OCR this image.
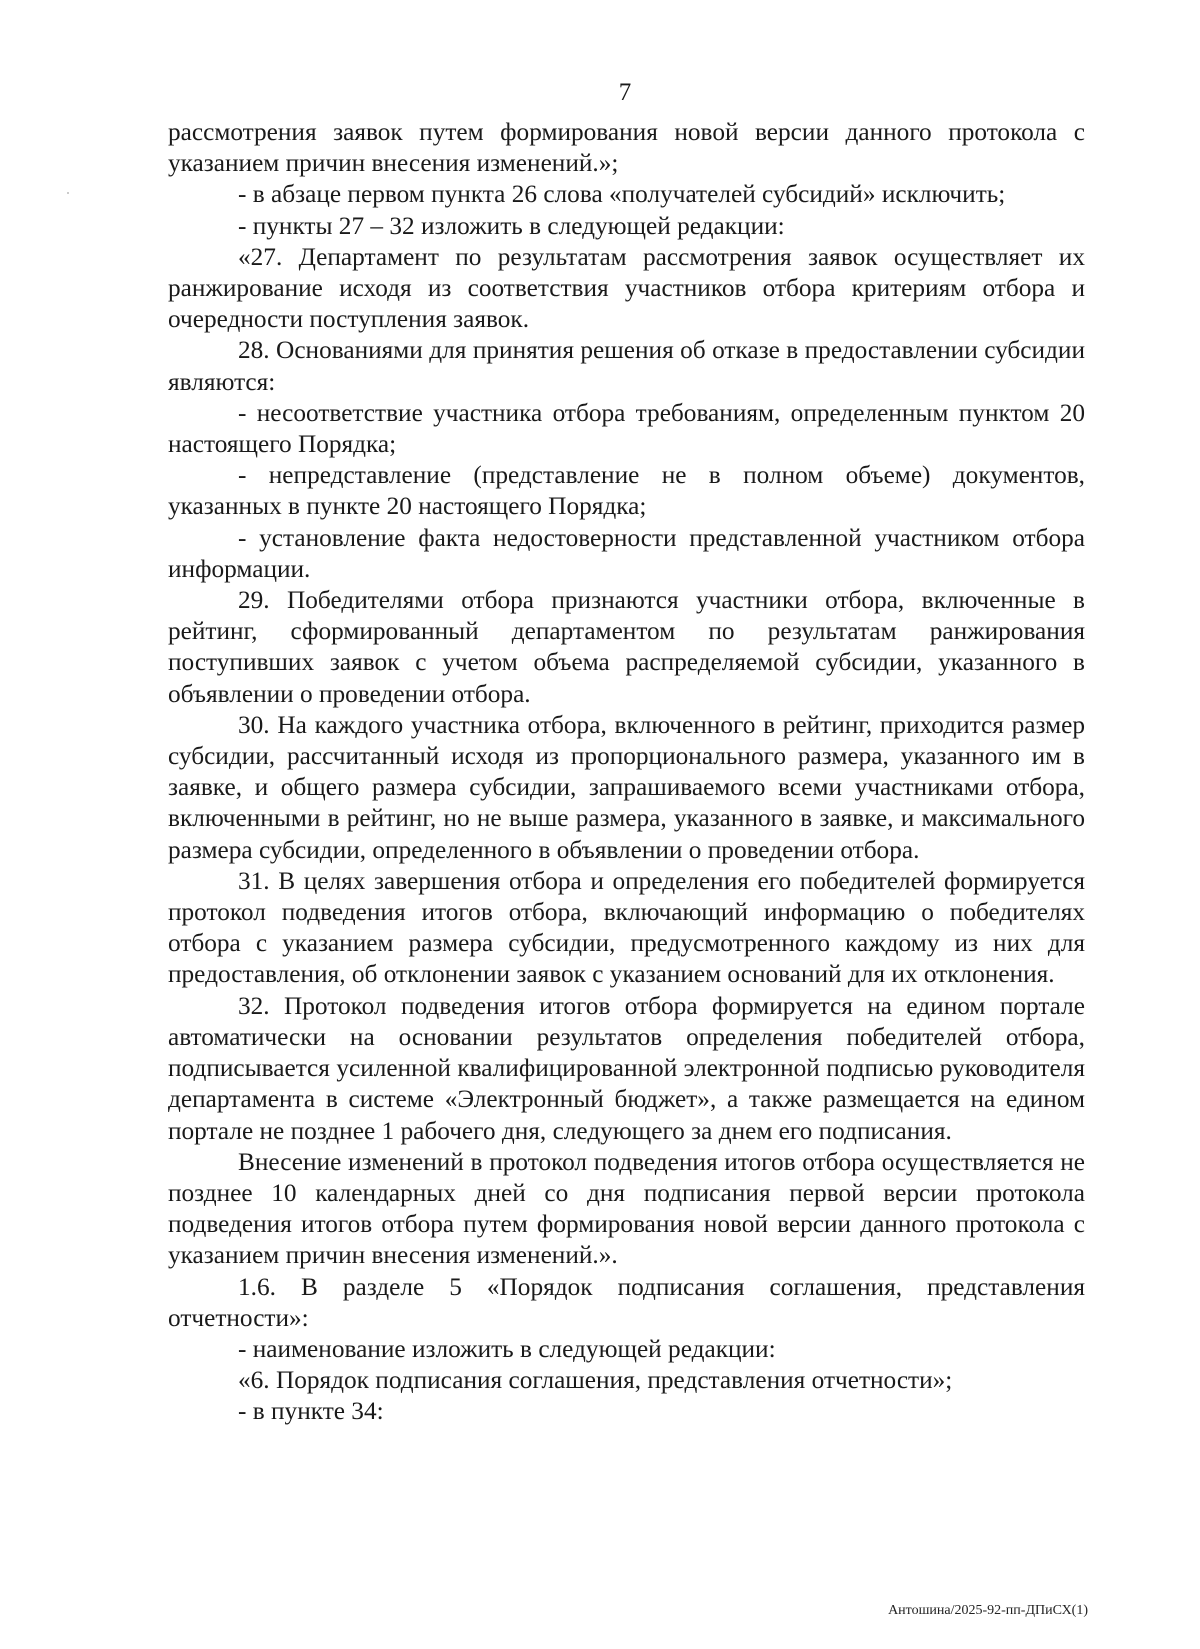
7

рассмотрения заявок путем формирования новой версии данного протокола с указанием причин внесения изменений.»;

- в абзаце первом пункта 26 слова «получателей субсидий» исключить;

- пункты 27 – 32 изложить в следующей редакции:

«27. Департамент по результатам рассмотрения заявок осуществляет их ранжирование исходя из соответствия участников отбора критериям отбора и очередности поступления заявок.

28. Основаниями для принятия решения об отказе в предоставлении субсидии являются:

- несоответствие участника отбора требованиям, определенным пунктом 20 настоящего Порядка;

- непредставление (представление не в полном объеме) документов, указанных в пункте 20 настоящего Порядка;

- установление факта недостоверности представленной участником отбора информации.

29. Победителями отбора признаются участники отбора, включенные в рейтинг, сформированный департаментом по результатам ранжирования поступивших заявок с учетом объема распределяемой субсидии, указанного в объявлении о проведении отбора.

30. На каждого участника отбора, включенного в рейтинг, приходится размер субсидии, рассчитанный исходя из пропорционального размера, указанного им в заявке, и общего размера субсидии, запрашиваемого всеми участниками отбора, включенными в рейтинг, но не выше размера, указанного в заявке, и максимального размера субсидии, определенного в объявлении о проведении отбора.

31. В целях завершения отбора и определения его победителей формируется протокол подведения итогов отбора, включающий информацию о победителях отбора с указанием размера субсидии, предусмотренного каждому из них для предоставления, об отклонении заявок с указанием оснований для их отклонения.

32. Протокол подведения итогов отбора формируется на едином портале автоматически на основании результатов определения победителей отбора, подписывается усиленной квалифицированной электронной подписью руководителя департамента в системе «Электронный бюджет», а также размещается на едином портале не позднее 1 рабочего дня, следующего за днем его подписания.

Внесение изменений в протокол подведения итогов отбора осуществляется не позднее 10 календарных дней со дня подписания первой версии протокола подведения итогов отбора путем формирования новой версии данного протокола с указанием причин внесения изменений.».

1.6. В разделе 5 «Порядок подписания соглашения, представления отчетности»:

- наименование изложить в следующей редакции:

«6. Порядок подписания соглашения, представления отчетности»;

- в пункте 34:

Антошина/2025-92-пп-ДПиСХ(1)
